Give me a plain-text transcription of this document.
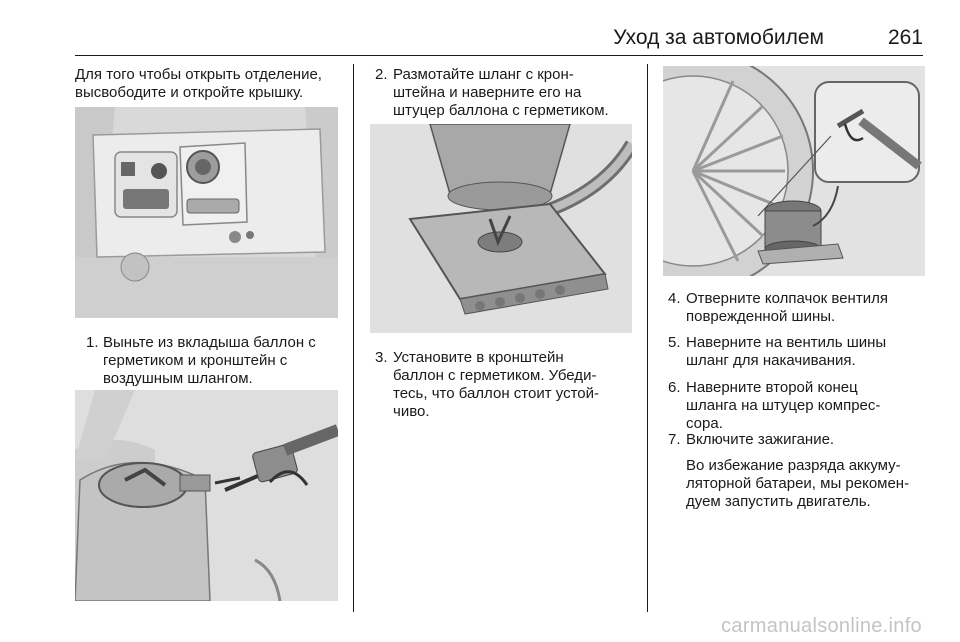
Уход за автомобилем	261
Для того чтобы открыть отделение,
высвободите и откройте крышку.
1. Выньте из вкладыша баллон с
герметиком и кронштейн с
воздушным шлангом.
2. Размотайте шланг с крон-
штейна и наверните его на
штуцер баллона с герметиком.
3. Установите в кронштейн
баллон с герметиком. Убеди-
тесь, что баллон стоит устой-
чиво.
4. Отверните колпачок вентиля
поврежденной шины.
5. Наверните на вентиль шины
шланг для накачивания.
6. Наверните второй конец
шланга на штуцер компрес-
сора.
7. Включите зажигание.
Во избежание разряда аккуму-
ляторной батареи, мы рекомен-
дуем запустить двигатель.
carmanualsonline.info
